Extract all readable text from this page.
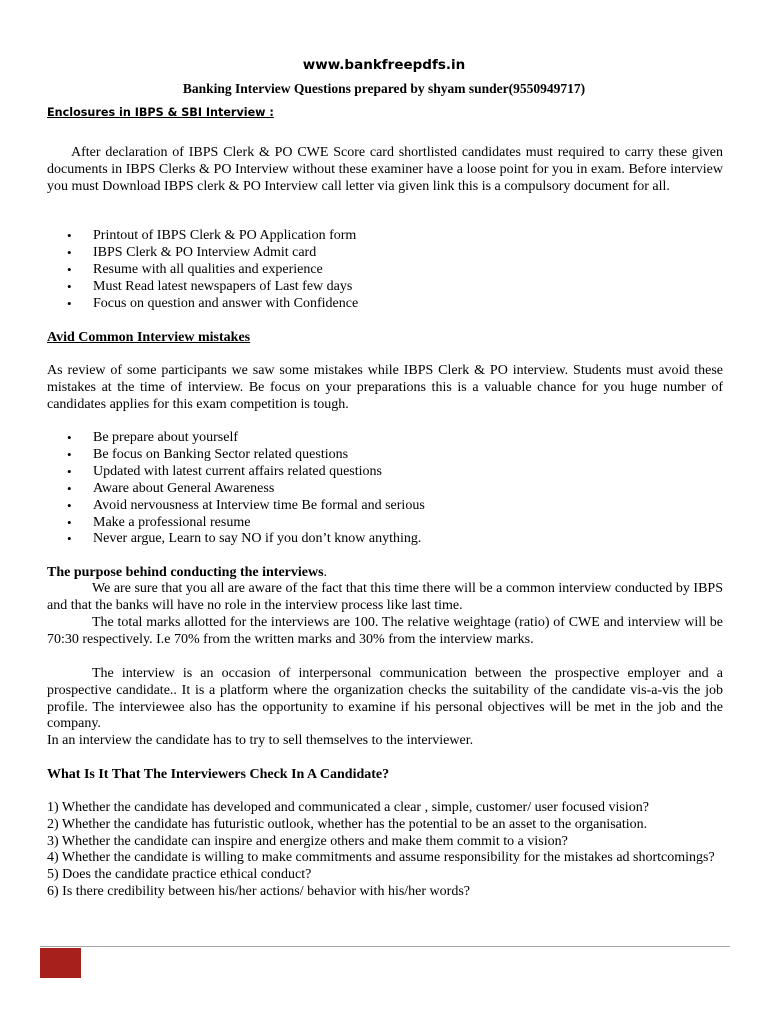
www.bankfreepdfs.in
Banking Interview Questions prepared by shyam sunder(9550949717)
Enclosures in IBPS & SBI Interview :
After declaration of IBPS Clerk & PO CWE Score card shortlisted candidates must required to carry these given documents in IBPS Clerks & PO Interview without these examiner have a loose point for you in exam. Before interview you must Download IBPS clerk & PO Interview call letter via given link this is a compulsory document for all.
• Printout of IBPS Clerk & PO Application form
• IBPS Clerk & PO Interview Admit card
• Resume with all qualities and experience
• Must Read latest newspapers of Last few days
• Focus on question and answer with Confidence
Avid Common Interview mistakes
As review of some participants we saw some mistakes while IBPS Clerk & PO interview. Students must avoid these mistakes at the time of interview. Be focus on your preparations this is a valuable chance for you huge number of candidates applies for this exam competition is tough.
• Be prepare about yourself
• Be focus on Banking Sector related questions
• Updated with latest current affairs related questions
• Aware about General Awareness
• Avoid nervousness at Interview time Be formal and serious
• Make a professional resume
• Never argue, Learn to say NO if you don’t know anything.
The purpose behind conducting the interviews.
We are sure that you all are aware of the fact that this time there will be a common interview conducted by IBPS and that the banks will have no role in the interview process like last time.
The total marks allotted for the interviews are 100. The relative weightage (ratio) of CWE and interview will be 70:30 respectively. I.e 70% from the written marks and 30% from the interview marks.
The interview is an occasion of interpersonal communication between the prospective employer and a prospective candidate.. It is a platform where the organization checks the suitability of the candidate vis-a-vis the job profile. The interviewee also has the opportunity to examine if his personal objectives will be met in the job and the company.
In an interview the candidate has to try to sell themselves to the interviewer.
What Is It That The Interviewers Check In A Candidate?
1) Whether the candidate has developed and communicated a clear , simple, customer/ user focused vision?
2) Whether the candidate has futuristic outlook, whether has the potential to be an asset to the organisation.
3) Whether the candidate can inspire and energize others and make them commit to a vision?
4) Whether the candidate is willing to make commitments and assume responsibility for the mistakes ad shortcomings?
5) Does the candidate practice ethical conduct?
6) Is there credibility between his/her actions/ behavior with his/her words?
